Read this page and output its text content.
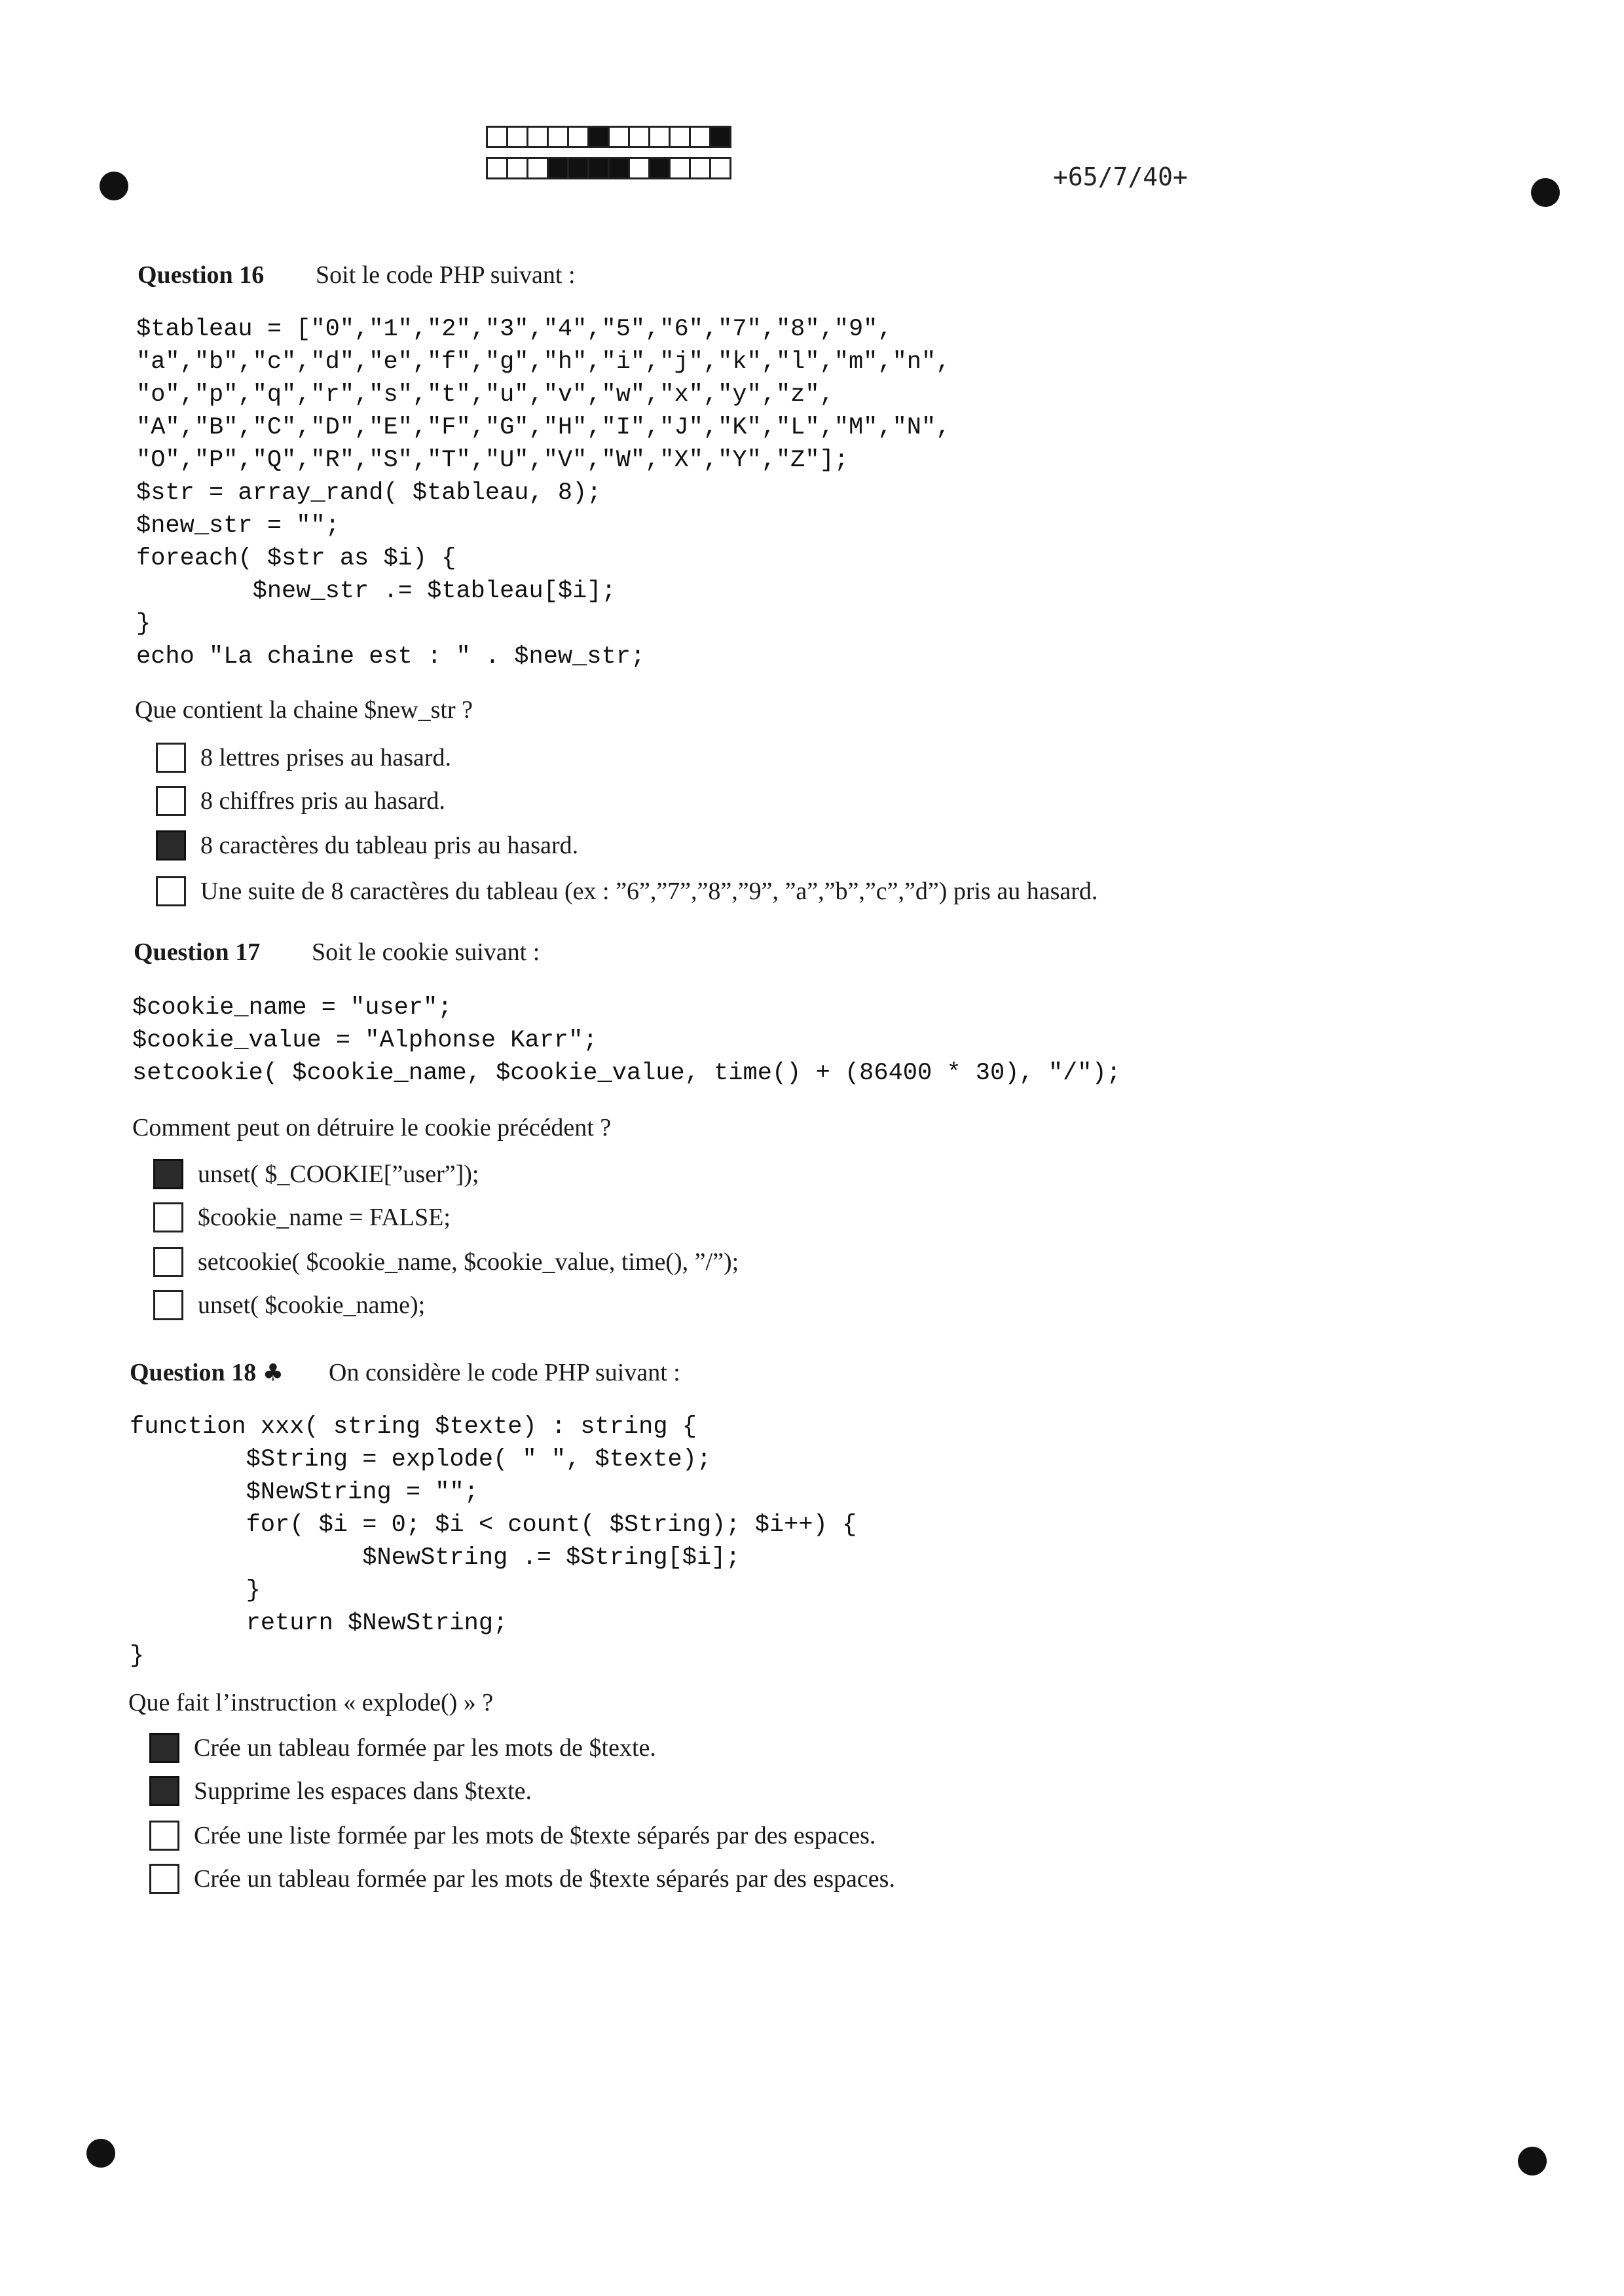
+65/7/40+
Question 16 Soit le code PHP suivant :
$tableau = ["0","1","2","3","4","5","6","7","8","9",
"a","b","c","d","e","f","g","h","i","j","k","l","m","n",
"o","p","q","r","s","t","u","v","w","x","y","z",
"A","B","C","D","E","F","G","H","I","J","K","L","M","N",
"O","P","Q","R","S","T","U","V","W","X","Y","Z"];
$str = array_rand( $tableau, 8);
$new_str = "";
foreach( $str as $i) {
$new_str .= $tableau[$i];
}
echo "La chaine est : " . $new_str;
Que contient la chaine $new_str ?
8 lettres prises au hasard.
8 chiffres pris au hasard.
8 caractères du tableau pris au hasard.
Une suite de 8 caractères du tableau (ex : ”6”,”7”,”8”,”9”, ”a”,”b”,”c”,”d”) pris au hasard.
Question 17 Soit le cookie suivant :
$cookie_name = "user";
$cookie_value = "Alphonse Karr";
setcookie( $cookie_name, $cookie_value, time() + (86400 * 30), "/");
Comment peut on détruire le cookie précédent ?
unset( $_COOKIE[”user”]);
$cookie_name = FALSE;
setcookie( $cookie_name, $cookie_value, time(), ”/”);
unset( $cookie_name);
Question 18 ♣ On considère le code PHP suivant :
function xxx( string $texte) : string {
$String = explode( " ", $texte);
$NewString = "";
for( $i = 0; $i < count( $String); $i++) {
$NewString .= $String[$i];
}
return $NewString;
}
Que fait l’instruction « explode() » ?
Crée un tableau formée par les mots de $texte.
Supprime les espaces dans $texte.
Crée une liste formée par les mots de $texte séparés par des espaces.
Crée un tableau formée par les mots de $texte séparés par des espaces.
